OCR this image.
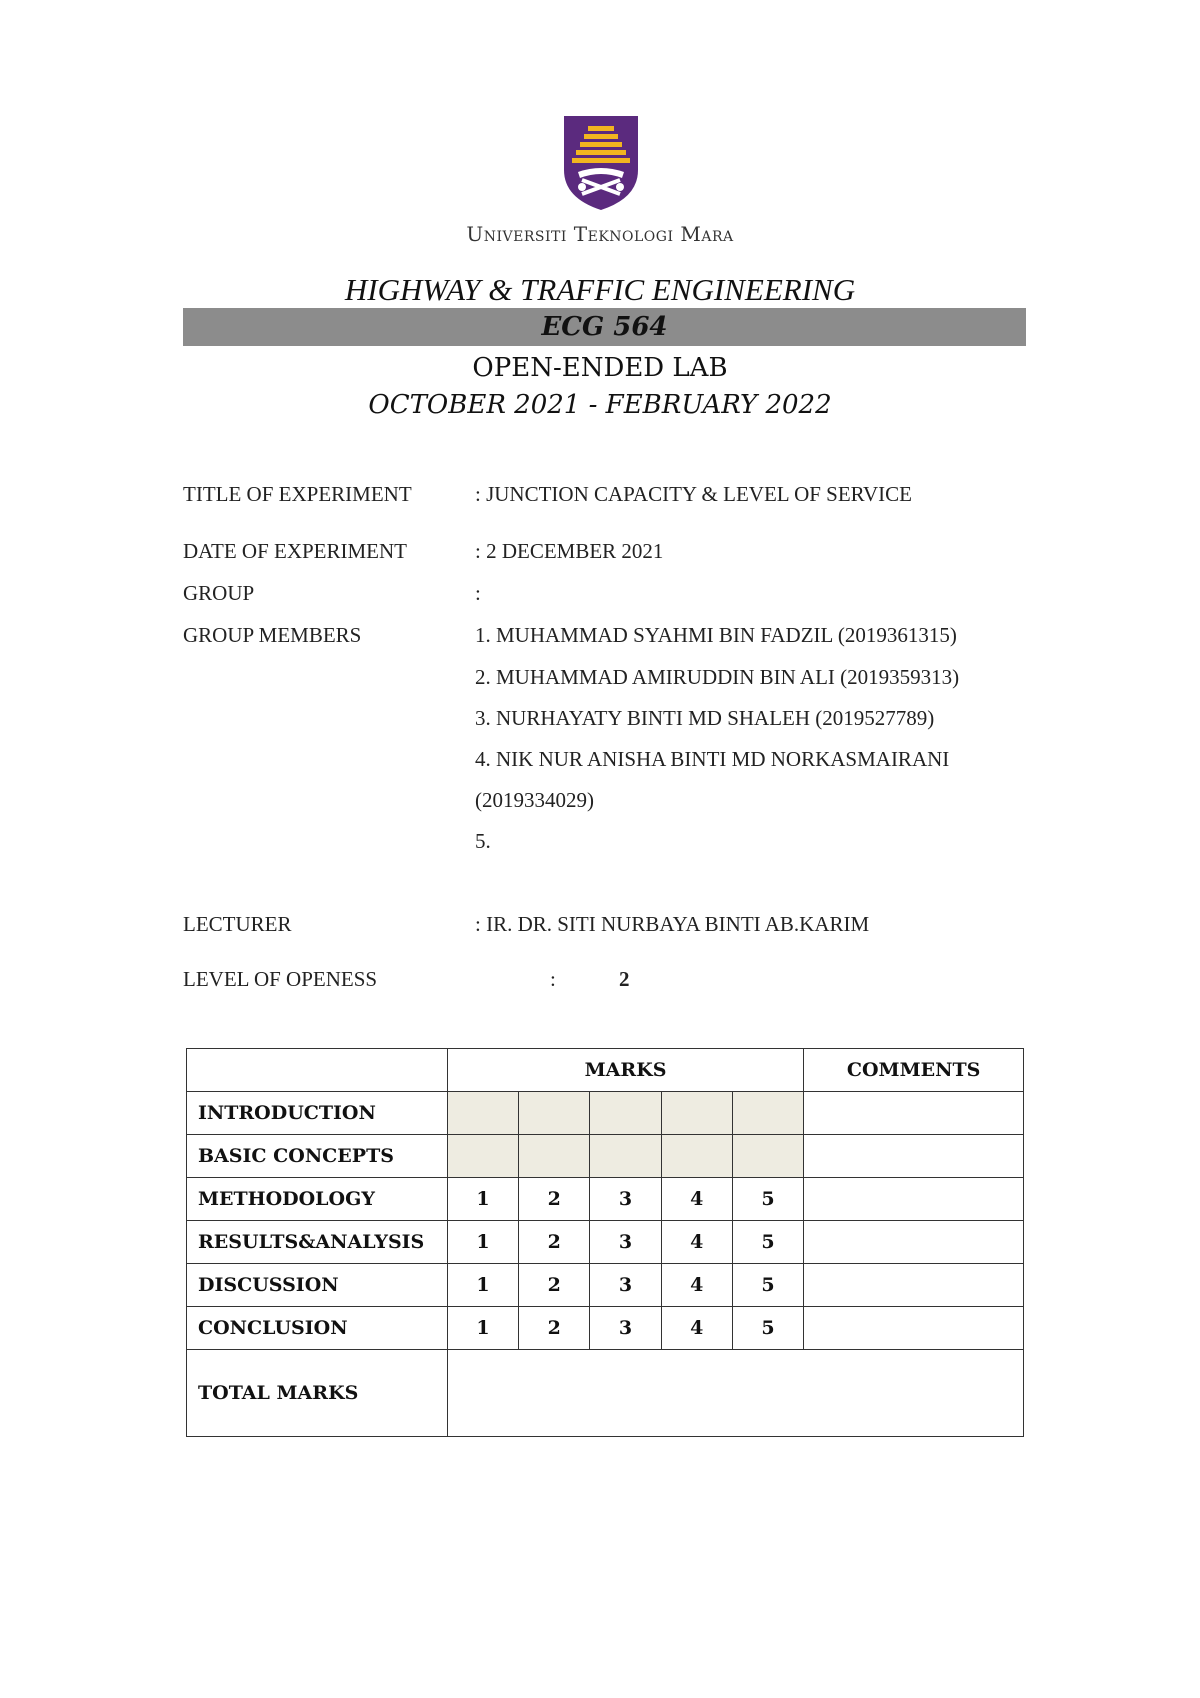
Universiti Teknologi Mara
HIGHWAY & TRAFFIC ENGINEERING
ECG 564
OPEN-ENDED LAB
OCTOBER 2021 - FEBRUARY 2022
TITLE OF EXPERIMENT	: JUNCTION CAPACITY & LEVEL OF SERVICE
DATE OF EXPERIMENT	: 2 DECEMBER 2021
GROUP	:
GROUP MEMBERS	1. MUHAMMAD SYAHMI BIN FADZIL (2019361315)
2. MUHAMMAD AMIRUDDIN BIN ALI (2019359313)
3. NURHAYATY BINTI MD SHALEH (2019527789)
4. NIK NUR ANISHA BINTI MD NORKASMAIRANI
(2019334029)
5.
LECTURER	: IR. DR. SITI NURBAYA BINTI AB.KARIM
LEVEL OF OPENESS	:	2
	MARKS					COMMENTS
INTRODUCTION						
BASIC CONCEPTS						
METHODOLOGY	1	2	3	4	5	
RESULTS&ANALYSIS	1	2	3	4	5	
DISCUSSION	1	2	3	4	5	
CONCLUSION	1	2	3	4	5	
TOTAL MARKS						
